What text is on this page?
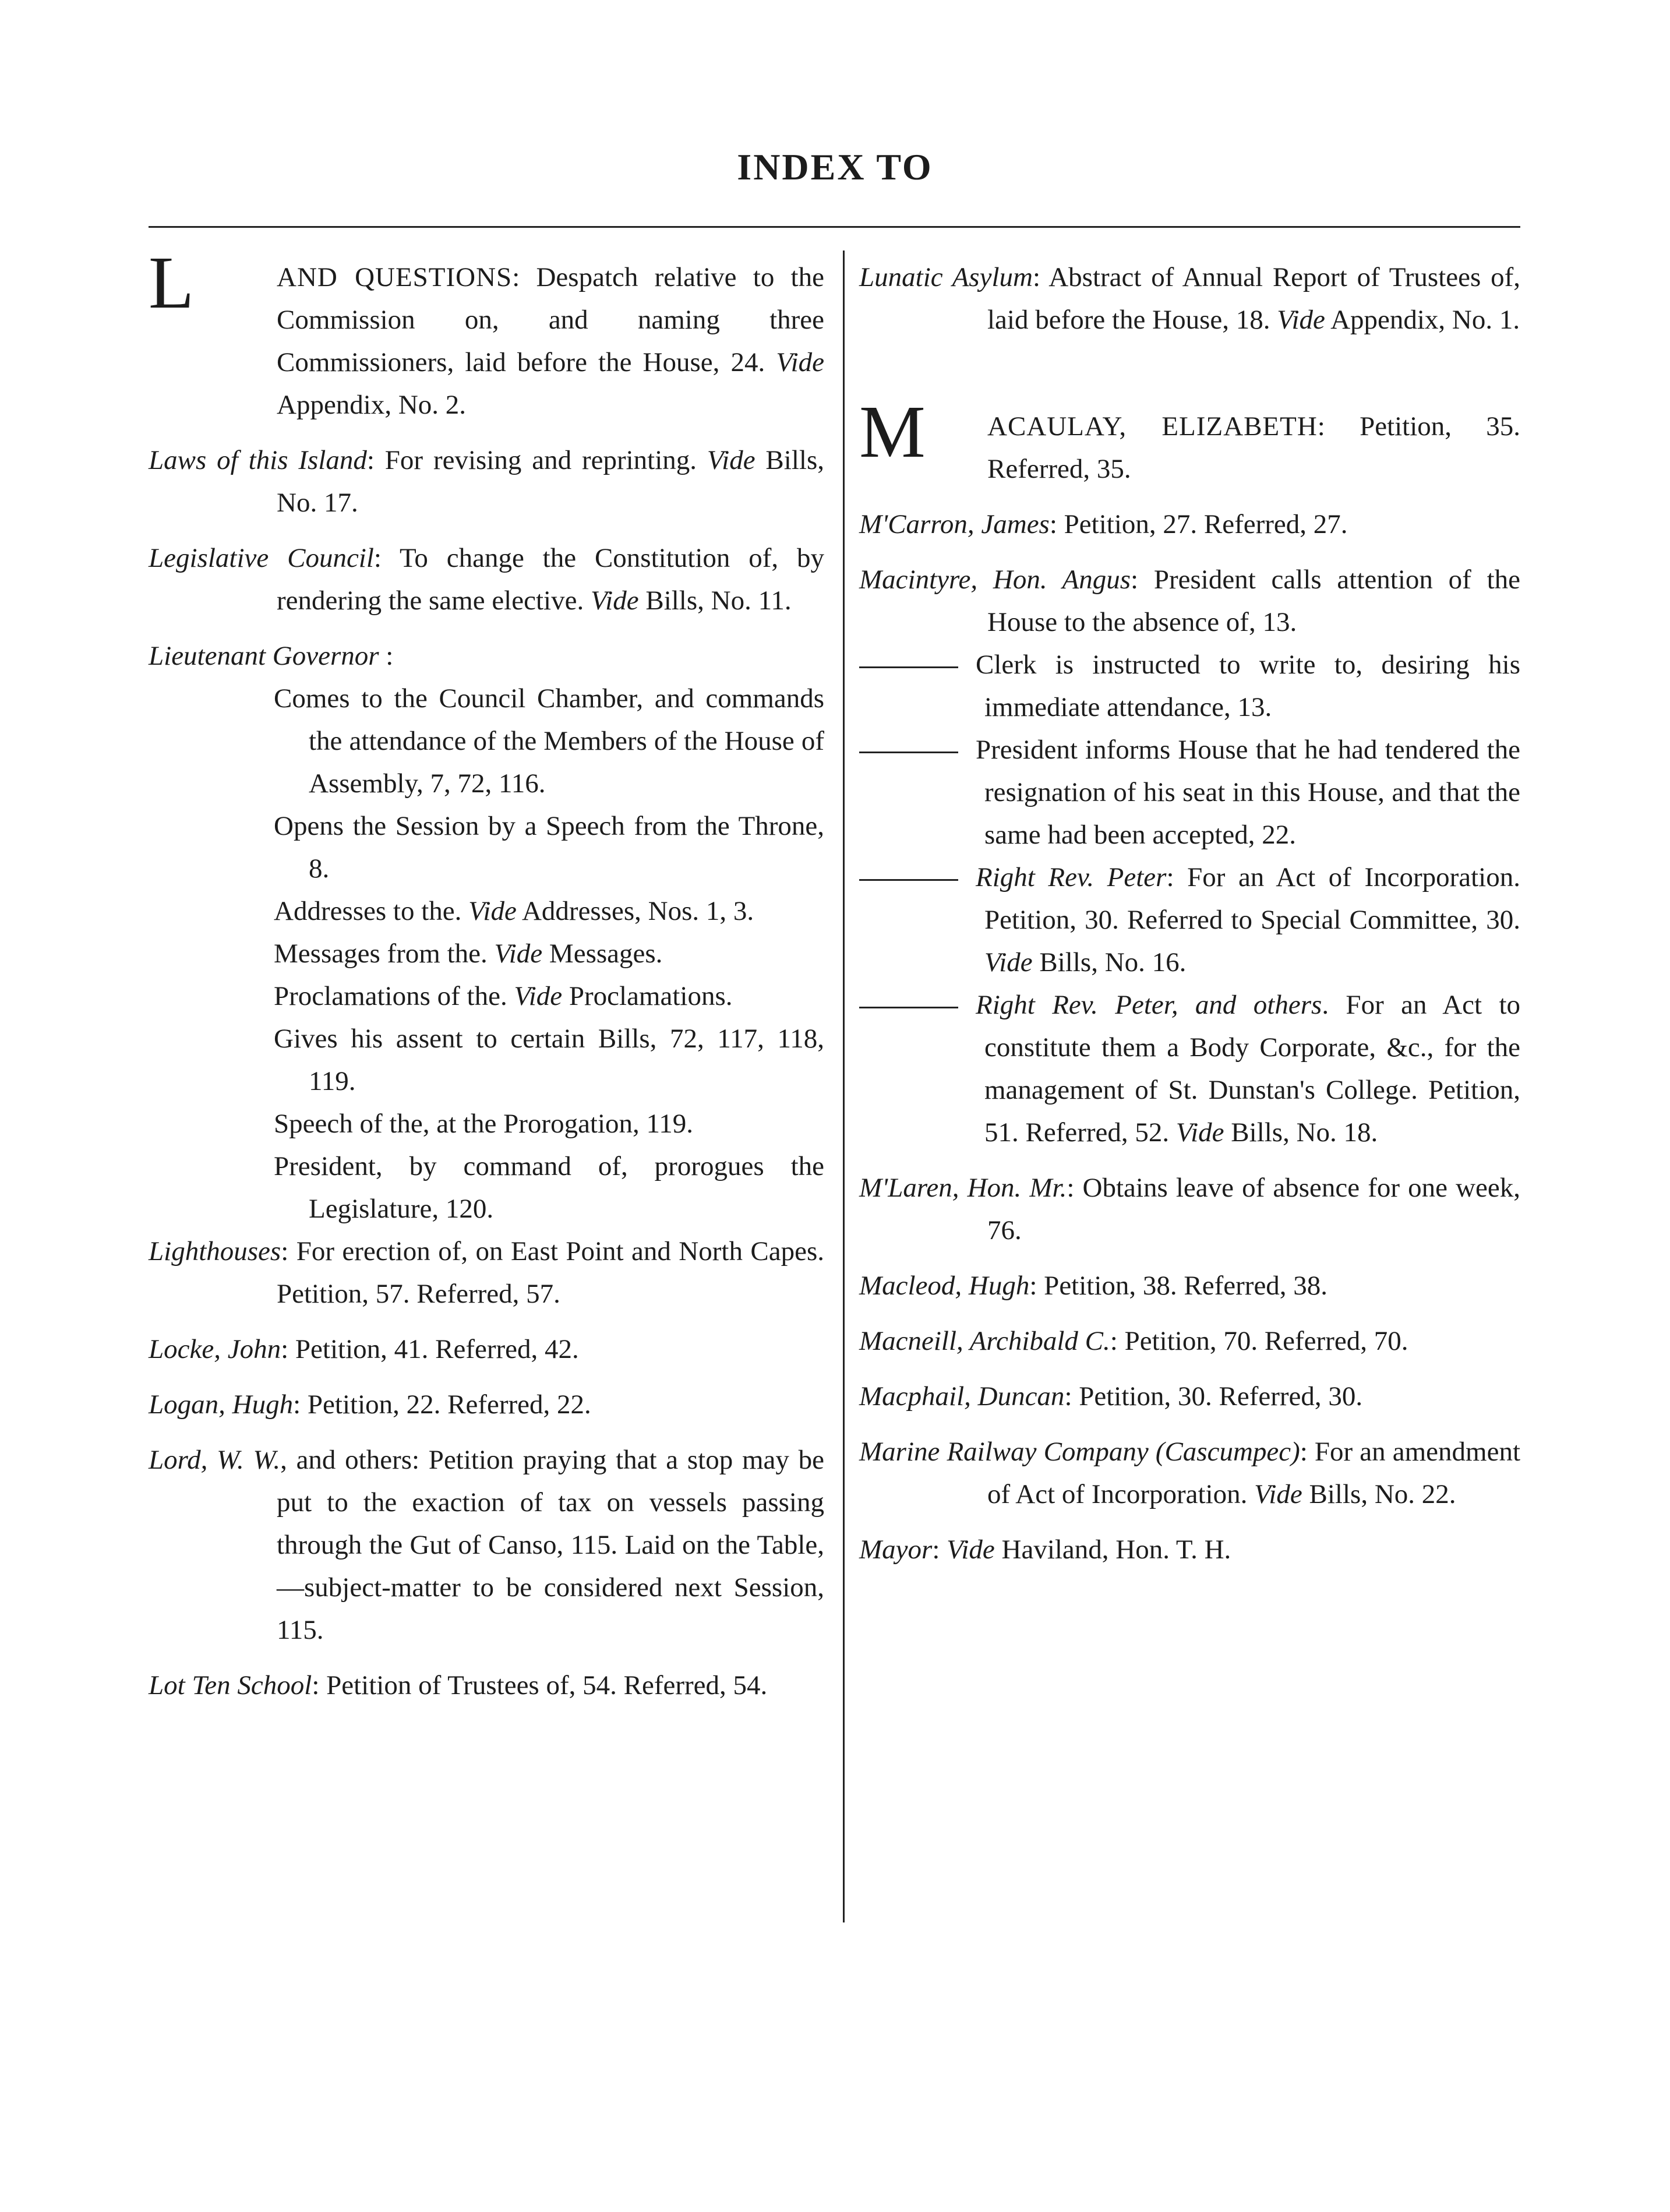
INDEX TO
L	AND QUESTIONS: Despatch relative to the Commission on, and naming three Commissioners, laid before the House, 24. Vide Appendix, No. 2.
Laws of this Island: For revising and reprinting. Vide Bills, No. 17.
Legislative Council: To change the Constitution of, by rendering the same elective. Vide Bills, No. 11.

Lieutenant Governor :

Comes to the Council Chamber, and commands the attendance of the Members of the House of Assembly, 7, 72, 116.

Opens the Session by a Speech from the Throne, 8.

Addresses to the. Vide Addresses, Nos. 1, 3.

Messages from the. Vide Messages.

Proclamations of the. Vide Proclamations.

Gives his assent to certain Bills, 72, 117, 118, 119.

Speech of the, at the Prorogation, 119.

President, by command of, prorogues the Legislature, 120.

Lighthouses: For erection of, on East Point and North Capes. Petition, 57. Referred, 57.
Locke, John: Petition, 41. Referred, 42.
Logan, Hugh: Petition, 22. Referred, 22.
Lord, W. W., and others: Petition praying that a stop may be put to the exaction of tax on vessels passing through the Gut of Canso, 115. Laid on the Table,—subject-matter to be considered next Session, 115.
Lot Ten School: Petition of Trustees of, 54. Referred, 54.
Lunatic Asylum: Abstract of Annual Report of Trustees of, laid before the House, 18. Vide Appendix, No. 1.
M ACAULAY, ELIZABETH: Petition, 35. Referred, 35.
M'Carron, James: Petition, 27. Referred, 27.

Macintyre, Hon. Angus: President calls attention of the House to the absence of, 13.

Clerk is instructed to write to, desiring his immediate attendance, 13.

President informs House that he had tendered the resignation of his seat in this House, and that the same had been accepted, 22.

Right Rev. Peter: For an Act of Incorporation. Petition, 30. Referred to Special Committee, 30. Vide Bills, No. 16.

Right Rev. Peter, and others. For an Act to constitute them a Body Corporate, &c., for the management of St. Dunstan's College. Petition, 51. Referred, 52. Vide Bills, No. 18.

M'Laren, Hon. Mr.: Obtains leave of absence for one week, 76.
Macleod, Hugh: Petition, 38. Referred, 38.
Macneill, Archibald C.: Petition, 70. Referred, 70.
Macphail, Duncan: Petition, 30. Referred, 30.
Marine Railway Company (Cascumpec): For an amendment of Act of Incorporation. Vide Bills, No. 22.
Mayor: Vide Haviland, Hon. T. H.
